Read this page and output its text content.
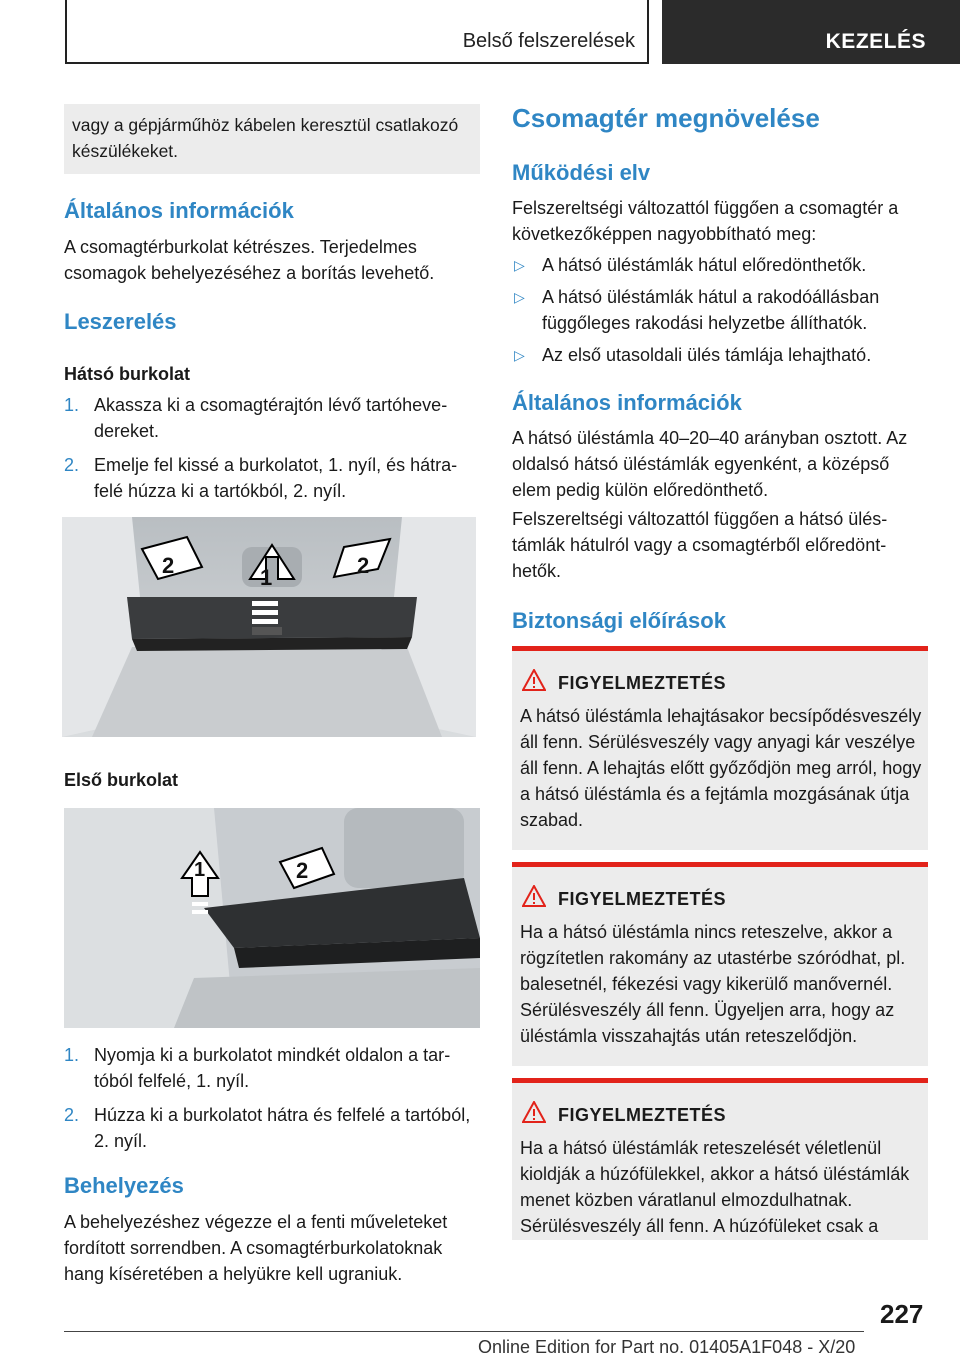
Belső felszerelések	KEZELÉS

vagy a gépjárműhöz kábelen keresztül csatlakozó készülékeket.

Általános információk

A csomagtérburkolat kétrészes. Terjedelmes csomagok behelyezéséhez a borítás levehető.

Leszerelés
Hátsó burkolat
1. Akassza ki a csomagtérajtón lévő tartóhevedereket.
2. Emelje fel kissé a burkolatot, 1. nyíl, és hátrafelé húzza ki a tartókból, 2. nyíl.
2	1	2
Első burkolat
1	2
1. Nyomja ki a burkolatot mindkét oldalon a tartóból felfelé, 1. nyíl.
2. Húzza ki a burkolatot hátra és felfelé a tartóból, 2. nyíl.
Behelyezés

A behelyezéshez végezze el a fenti műveleteket fordított sorrendben. A csomagtérburkolatoknak hang kíséretében a helyükre kell ugraniuk.

Csomagtér megnövelése
Működési elv

Felszereltségi változattól függően a csomagtér a következőképpen nagyobbítható meg:

▷ A hátsó üléstámlák hátul előredönthetők.
▷ A hátsó üléstámlák hátul a rakodóállásban függőleges rakodási helyzetbe állíthatók.
▷ Az első utasoldali ülés támlája lehajtható.
Általános információk

A hátsó üléstámla 40–20–40 arányban osztott. Az oldalsó hátsó üléstámlák egyenként, a középső elem pedig külön előredönthető.

Felszereltségi változattól függően a hátsó üléstámlák hátulról vagy a csomagtérből előredönthetők.

Biztonsági előírások
FIGYELMEZTETÉS
A hátsó üléstámla lehajtásakor becsípődésveszély áll fenn. Sérülésveszély vagy anyagi kár veszélye áll fenn. A lehajtás előtt győződjön meg arról, hogy a hátsó üléstámla és a fejtámla mozgásának útja szabad.
FIGYELMEZTETÉS
Ha a hátsó üléstámla nincs reteszelve, akkor a rögzítetlen rakomány az utastérbe szóródhat, pl. balesetnél, fékezési vagy kikerülő manővernél. Sérülésveszély áll fenn. Ügyeljen arra, hogy az üléstámla visszahajtás után reteszelődjön.
FIGYELMEZTETÉS
Ha a hátsó üléstámlák reteszelését véletlenül kioldják a húzófülekkel, akkor a hátsó üléstámlák menet közben váratlanul elmozdulhatnak. Sérülésveszély áll fenn. A húzófüleket csak a
227
Online Edition for Part no. 01405A1F048 - X/20
